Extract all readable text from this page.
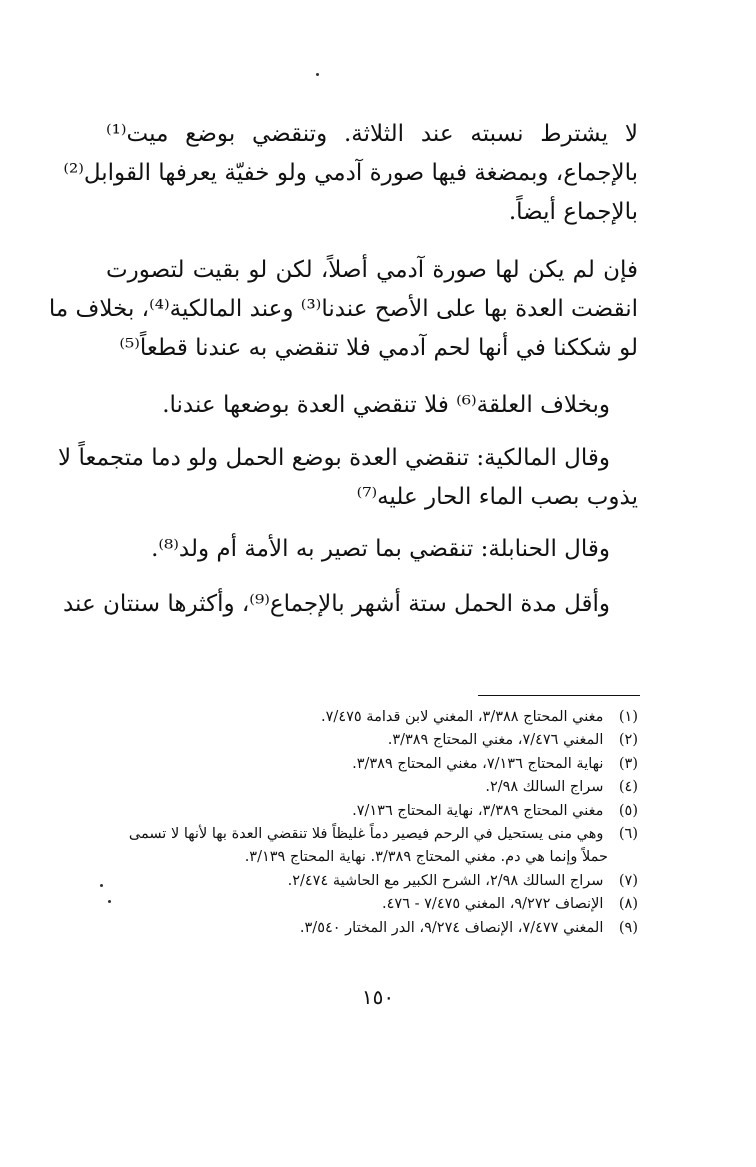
لا يشترط نسبته عند الثلاثة. وتنقضي بوضع ميت⁽¹⁾
بالإجماع، وبمضغة فيها صورة آدمي ولو خفيّة يعرفها القوابل⁽²⁾
بالإجماع أيضاً.
فإن لم يكن لها صورة آدمي أصلاً، لكن لو بقيت لتصورت
انقضت العدة بها على الأصح عندنا⁽³⁾ وعند المالكية⁽⁴⁾، بخلاف ما
لو شككنا في أنها لحم آدمي فلا تنقضي به عندنا قطعاً⁽⁵⁾
وبخلاف العلقة⁽⁶⁾ فلا تنقضي العدة بوضعها عندنا.
وقال المالكية: تنقضي العدة بوضع الحمل ولو دما متجمعاً لا
يذوب بصب الماء الحار عليه⁽⁷⁾
وقال الحنابلة: تنقضي بما تصير به الأمة أم ولد⁽⁸⁾.
وأقل مدة الحمل ستة أشهر بالإجماع⁽⁹⁾، وأكثرها سنتان عند
(١) مغني المحتاج ٣/٣٨٨، المغني لابن قدامة ٧/٤٧٥.
(٢) المغني ٧/٤٧٦، مغني المحتاج ٣/٣٨٩.
(٣) نهاية المحتاج ٧/١٣٦، مغني المحتاج ٣/٣٨٩.
(٤) سراج السالك ٢/٩٨.
(٥) مغني المحتاج ٣/٣٨٩، نهاية المحتاج ٧/١٣٦.
(٦) وهي منى يستحيل في الرحم فيصير دماً غليظاً فلا تنقضي العدة بها لأنها لا تسمى
حملاً وإنما هي دم. مغني المحتاج ٣/٣٨٩. نهاية المحتاج ٣/١٣٩.
(٧) سراج السالك ٢/٩٨، الشرح الكبير مع الحاشية ٢/٤٧٤.
(٨) الإنصاف ٩/٢٧٢، المغني ٧/٤٧٥ - ٤٧٦.
(٩) المغني ٧/٤٧٧، الإنصاف ٩/٢٧٤، الدر المختار ٣/٥٤٠.
١٥٠
